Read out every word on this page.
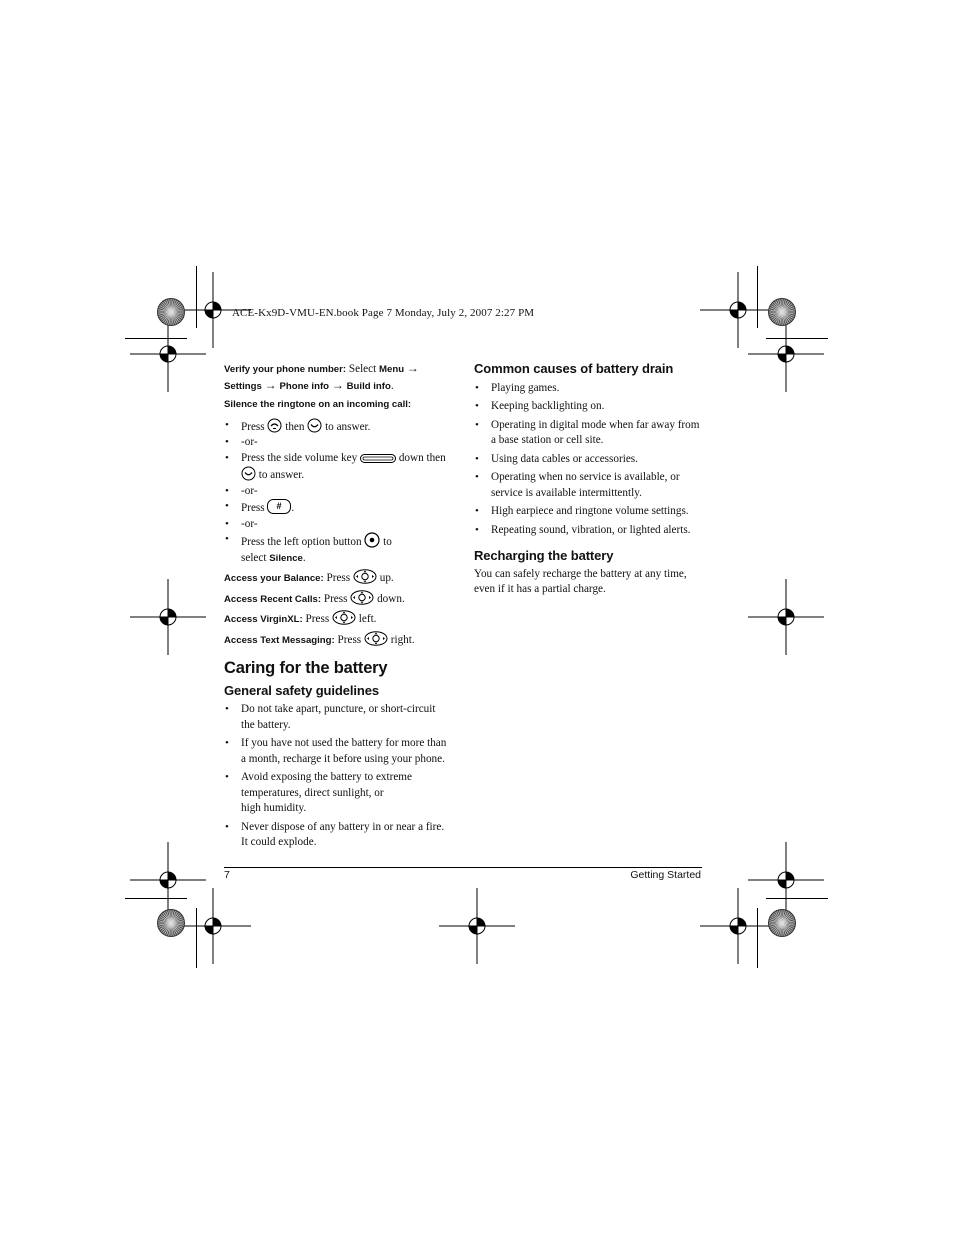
ACE-Kx9D-VMU-EN.book Page 7 Monday, July 2, 2007 2:27 PM

Verify your phone number: Select Menu →
Settings → Phone info → Build info.

Silence the ringtone on an incoming call:

• Press then to answer.
• -or-
• Press the side volume key	down then
to answer.
• -or-
• Press # .
• -or-
• Press the left option button to
select Silence.

Access your Balance: Press	up.

Access Recent Calls: Press	down.

Access VirginXL: Press	left.

Access Text Messaging: Press	right.

Caring for the battery
General safety guidelines
• Do not take apart, puncture, or short-circuit
the battery.
• If you have not used the battery for more than
a month, recharge it before using your phone.
• Avoid exposing the battery to extreme
temperatures, direct sunlight, or
high humidity.
• Never dispose of any battery in or near a fire.
It could explode.
Common causes of battery drain
• Playing games.
• Keeping backlighting on.
• Operating in digital mode when far away from
a base station or cell site.
• Using data cables or accessories.
• Operating when no service is available, or
service is available intermittently.
• High earpiece and ringtone volume settings.
• Repeating sound, vibration, or lighted alerts.
Recharging the battery

You can safely recharge the battery at any time,
even if it has a partial charge.

7	Getting Started
